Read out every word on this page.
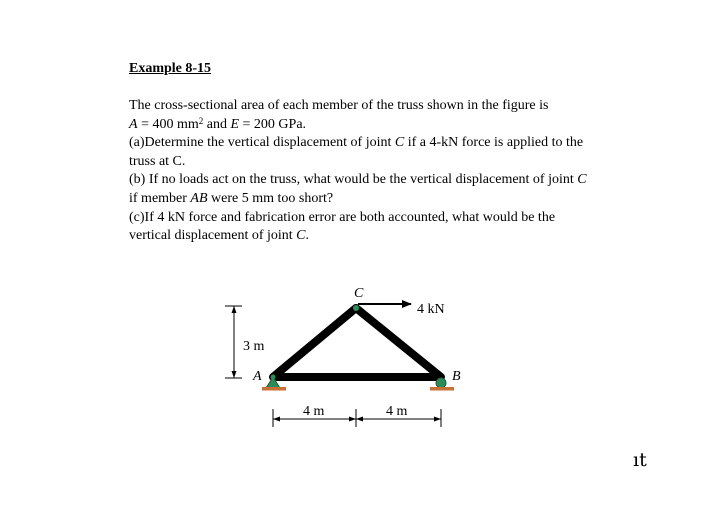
Example 8-15
The cross-sectional area of each member of the truss shown in the figure is
A = 400 $mm^2$ and E = 200 GPa.
(a)Determine the vertical displacement of joint C if a 4-kN force is applied to the
truss at C.
(b) If no loads act on the truss, what would be the vertical displacement of joint C
if member AB were 5 mm too short?
(c)If 4 kN force and fabrication error are both accounted, what would be the
vertical displacement of joint C.
4 kN
C
A	B
3 m
4 m	4 m
ıt
